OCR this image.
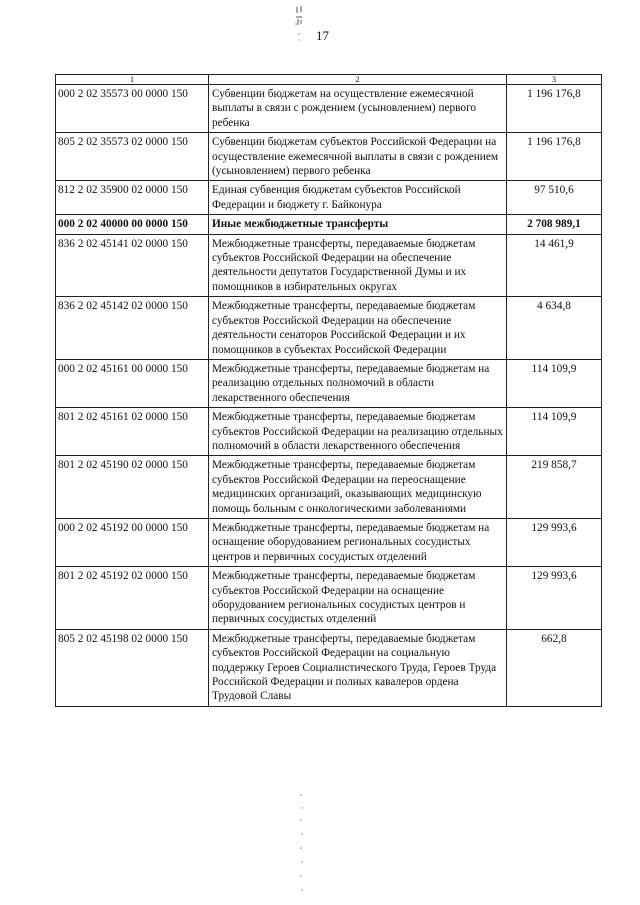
17
1	2	3
000 2 02 35573 00 0000 150	Субвенции бюджетам на осуществление ежемесячной выплаты в связи с рождением (усыновлением) первого ребенка	1 196 176,8
805 2 02 35573 02 0000 150	Субвенции бюджетам субъектов Российской Федерации на осуществление ежемесячной выплаты в связи с рождением (усыновлением) первого ребенка	1 196 176,8
812 2 02 35900 02 0000 150	Единая субвенция бюджетам субъектов Российской Федерации и бюджету г. Байконура	97 510,6
000 2 02 40000 00 0000 150	Иные межбюджетные трансферты	2 708 989,1
836 2 02 45141 02 0000 150	Межбюджетные трансферты, передаваемые бюджетам субъектов Российской Федерации на обеспечение деятельности депутатов Государственной Думы и их помощников в избирательных округах	14 461,9
836 2 02 45142 02 0000 150	Межбюджетные трансферты, передаваемые бюджетам субъектов Российской Федерации на обеспечение деятельности сенаторов Российской Федерации и их помощников в субъектах Российской Федерации	4 634,8
000 2 02 45161 00 0000 150	Межбюджетные трансферты, передаваемые бюджетам на реализацию отдельных полномочий в области лекарственного обеспечения	114 109,9
801 2 02 45161 02 0000 150	Межбюджетные трансферты, передаваемые бюджетам субъектов Российской Федерации на реализацию отдельных полномочий в области лекарственного обеспечения	114 109,9
801 2 02 45190 02 0000 150	Межбюджетные трансферты, передаваемые бюджетам субъектов Российской Федерации на переоснащение медицинских организаций, оказывающих медицинскую помощь больным с онкологическими заболеваниями	219 858,7
000 2 02 45192 00 0000 150	Межбюджетные трансферты, передаваемые бюджетам на оснащение оборудованием региональных сосудистых центров и первичных сосудистых отделений	129 993,6
801 2 02 45192 02 0000 150	Межбюджетные трансферты, передаваемые бюджетам субъектов Российской Федерации на оснащение оборудованием региональных сосудистых центров и первичных сосудистых отделений	129 993,6
805 2 02 45198 02 0000 150	Межбюджетные трансферты, передаваемые бюджетам субъектов Российской Федерации на социальную поддержку Героев Социалистического Труда, Героев Труда Российской Федерации и полных кавалеров ордена Трудовой Славы	662,8
